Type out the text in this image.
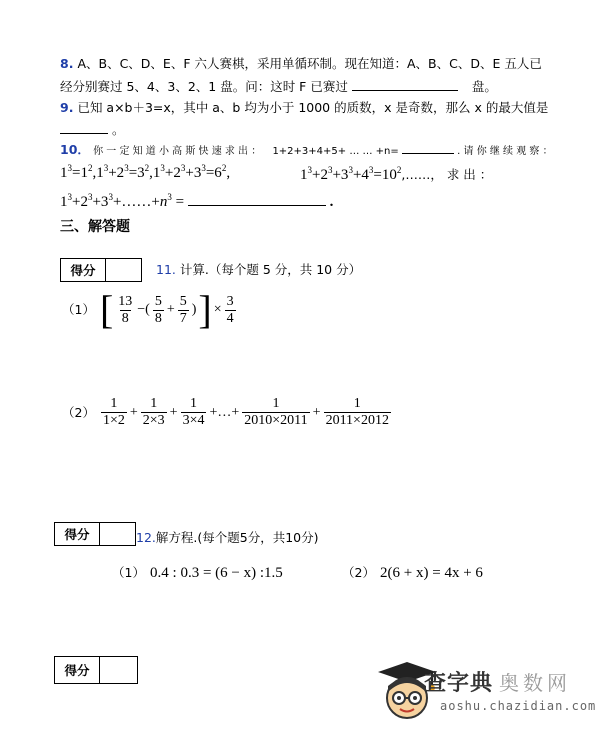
8. A、B、C、D、E、F 六人赛棋，采用单循环制。现在知道：A、B、C、D、E 五人已
经分别赛过 5、4、3、2、1 盘。问：这时 F 已赛过	盘。
9. 已知 a×b＋3=x，其中 a、b 均为小于 1000 的质数，x 是奇数，那么 x 的最大值是
。
10． 你 一 定 知 道 小 高 斯 快 速 求 出 ： 1+2+3+4+5+ … … +n=	. 请 你 继 续 观 察 ：
$1^3=1^2,1^3+2^3=3^2,1^3+2^3+3^3=6^2$,	$1^3+2^3+3^3+4^3=10^2,\dots\dots$， 求 出 ：
$1^3+2^3+3^3+\dots\dots+n^3$ =	.
三、解答题
得分	11. 计算.（每个题 5 分，共 10 分）
（1） [ $\frac{13}{8}$ −( $\frac{5}{8} + \frac{5}{7}$ ) ] × $\frac{3}{4}$
$(2) \frac{1}{1\times 2} + \frac{1}{2\times 3} + \frac{1}{3\times 4}$ +…+ $\frac{1}{2010\times 2011} + \frac{1}{2011\times 2012}$
得分	12.解方程.(每个题5分，共10分)
（1） 0.4 : 0.3 = (6 − x) :1.5	（2） 2(6 + x) = 4x + 6
得分
查字典 奥数网
aoshu.chazidian.com
